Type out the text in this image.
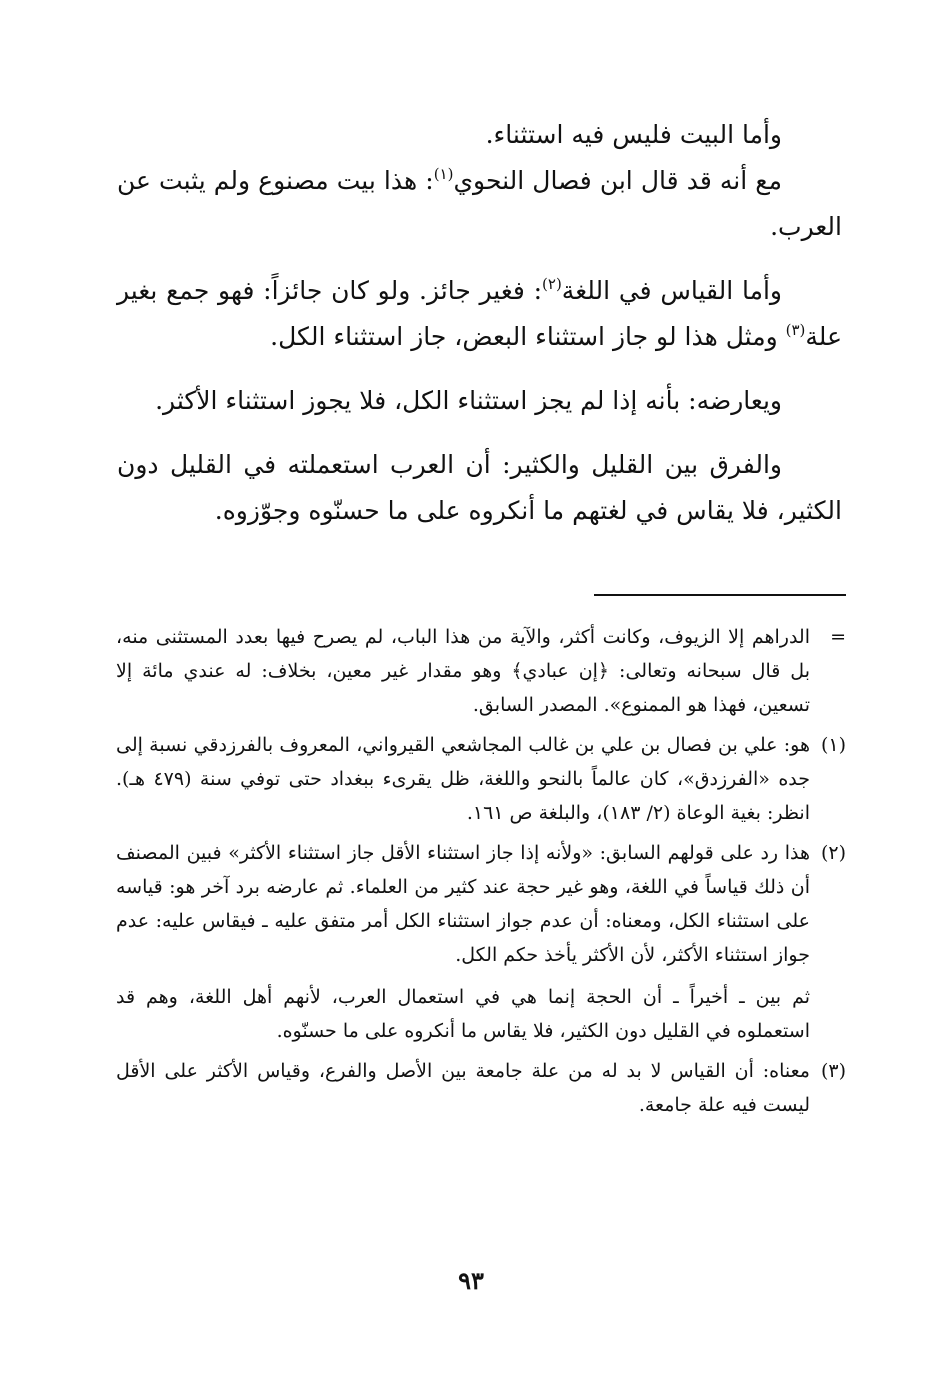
وأما البيت فليس فيه استثناء.

مع أنه قد قال ابن فصال النحوي$^{(١)}$: هذا بيت مصنوع ولم يثبت عن العرب.

وأما القياس في اللغة$^{(٢)}$: فغير جائز. ولو كان جائزاً: فهو جمع بغير علة$^{(٣)}$ ومثل هذا لو جاز استثناء البعض، جاز استثناء الكل.

ويعارضه: بأنه إذا لم يجز استثناء الكل، فلا يجوز استثناء الأكثر.

والفرق بين القليل والكثير: أن العرب استعملته في القليل دون الكثير، فلا يقاس في لغتهم ما أنكروه على ما حسنّوه وجوّزوه.

=

الدراهم إلا الزيوف، وكانت أكثر، والآية من هذا الباب، لم يصرح فيها بعدد المستثنى منه، بل قال سبحانه وتعالى: ﴿إن عبادي﴾ وهو مقدار غير معين، بخلاف: له عندي مائة إلا تسعين، فهذا هو الممنوع». المصدر السابق.

(١)

هو: علي بن فصال بن علي بن غالب المجاشعي القيرواني، المعروف بالفرزدقي نسبة إلى جده «الفرزدق»، كان عالماً بالنحو واللغة، ظل يقرىء ببغداد حتى توفي سنة (٤٧٩ هـ). انظر: بغية الوعاة (٢/ ١٨٣)، والبلغة ص ١٦١.

(٢)

هذا رد على قولهم السابق: «ولأنه إذا جاز استثناء الأقل جاز استثناء الأكثر» فبين المصنف أن ذلك قياساً في اللغة، وهو غير حجة عند كثير من العلماء. ثم عارضه برد آخر هو: قياسه على استثناء الكل، ومعناه: أن عدم جواز استثناء الكل أمر متفق عليه ـ فيقاس عليه: عدم جواز استثناء الأكثر، لأن الأكثر يأخذ حكم الكل.

ثم بين ـ أخيراً ـ أن الحجة إنما هي في استعمال العرب، لأنهم أهل اللغة، وهم قد استعملوه في القليل دون الكثير، فلا يقاس ما أنكروه على ما حسنّوه.

(٣)

معناه: أن القياس لا بد له من علة جامعة بين الأصل والفرع، وقياس الأكثر على الأقل ليست فيه علة جامعة.

٩٣
